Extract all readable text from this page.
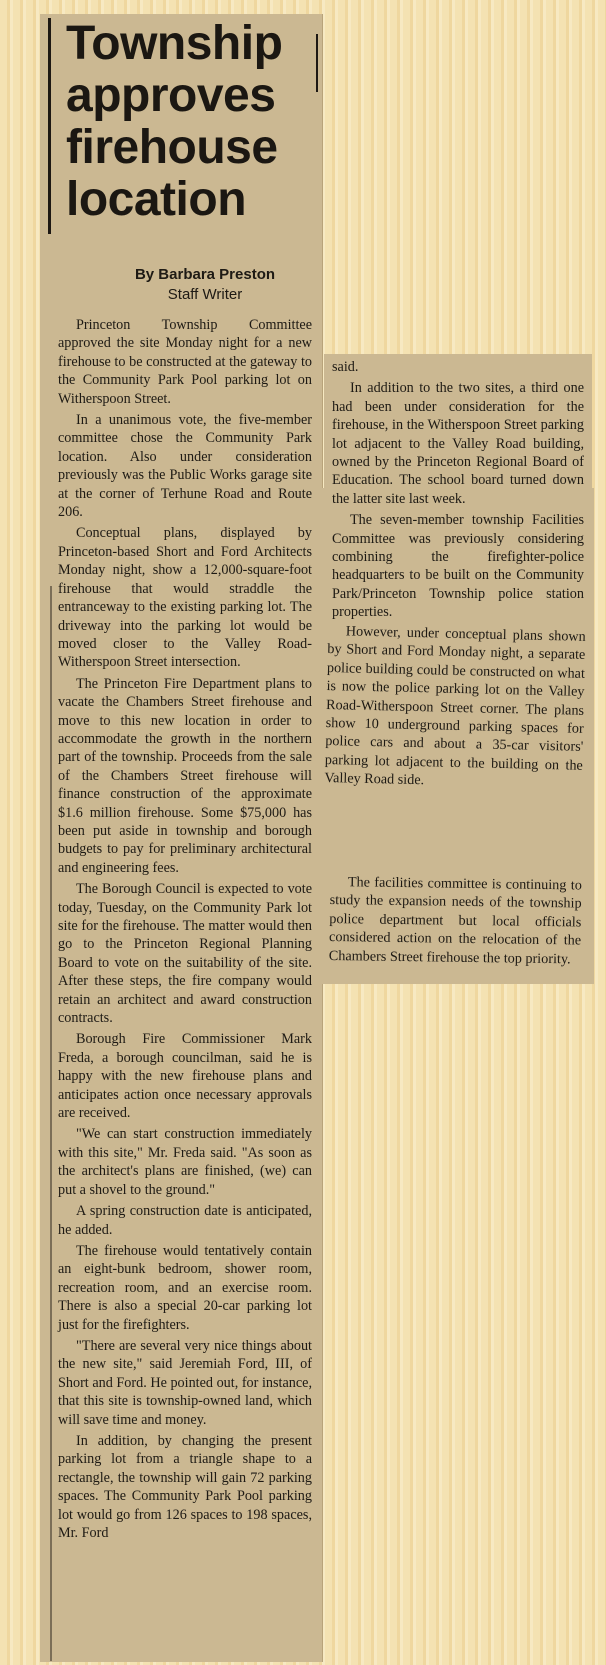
Township
approves
firehouse
location
By Barbara Preston
Staff Writer

Princeton Township Committee approved the site Monday night for a new firehouse to be constructed at the gateway to the Community Park Pool parking lot on Witherspoon Street.

In a unanimous vote, the five-member committee chose the Community Park location. Also under consideration previously was the Public Works garage site at the corner of Terhune Road and Route 206.

Conceptual plans, displayed by Princeton-based Short and Ford Architects Monday night, show a 12,000-square-foot firehouse that would straddle the entranceway to the existing parking lot. The driveway into the parking lot would be moved closer to the Valley Road-Witherspoon Street intersection.

The Princeton Fire Department plans to vacate the Chambers Street firehouse and move to this new location in order to accommodate the growth in the northern part of the township. Proceeds from the sale of the Chambers Street firehouse will finance construction of the approximate $1.6 million firehouse. Some $75,000 has been put aside in township and borough budgets to pay for preliminary architectural and engineering fees.

The Borough Council is expected to vote today, Tuesday, on the Community Park lot site for the firehouse. The matter would then go to the Princeton Regional Planning Board to vote on the suitability of the site. After these steps, the fire company would retain an architect and award construction contracts.

Borough Fire Commissioner Mark Freda, a borough councilman, said he is happy with the new firehouse plans and anticipates action once necessary approvals are received.

"We can start construction immediately with this site," Mr. Freda said. "As soon as the architect's plans are finished, (we) can put a shovel to the ground."

A spring construction date is anticipated, he added.

The firehouse would tentatively contain an eight-bunk bedroom, shower room, recreation room, and an exercise room. There is also a special 20-car parking lot just for the firefighters.

"There are several very nice things about the new site," said Jeremiah Ford, III, of Short and Ford. He pointed out, for instance, that this site is township-owned land, which will save time and money.

In addition, by changing the present parking lot from a triangle shape to a rectangle, the township will gain 72 parking spaces. The Community Park Pool parking lot would go from 126 spaces to 198 spaces, Mr. Ford

said.

In addition to the two sites, a third one had been under consideration for the firehouse, in the Witherspoon Street parking lot adjacent to the Valley Road building, owned by the Princeton Regional Board of Education. The school board turned down the latter site last week.

The seven-member township Facilities Committee was previously considering combining the firefighter-police headquarters to be built on the Community Park/Princeton Township police station properties.

However, under conceptual plans shown by Short and Ford Monday night, a separate police building could be constructed on what is now the police parking lot on the Valley Road-Witherspoon Street corner. The plans show 10 underground parking spaces for police cars and about a 35-car visitors' parking lot adjacent to the building on the Valley Road side.

The facilities committee is continuing to study the expansion needs of the township police department but local officials considered action on the relocation of the Chambers Street firehouse the top priority.
